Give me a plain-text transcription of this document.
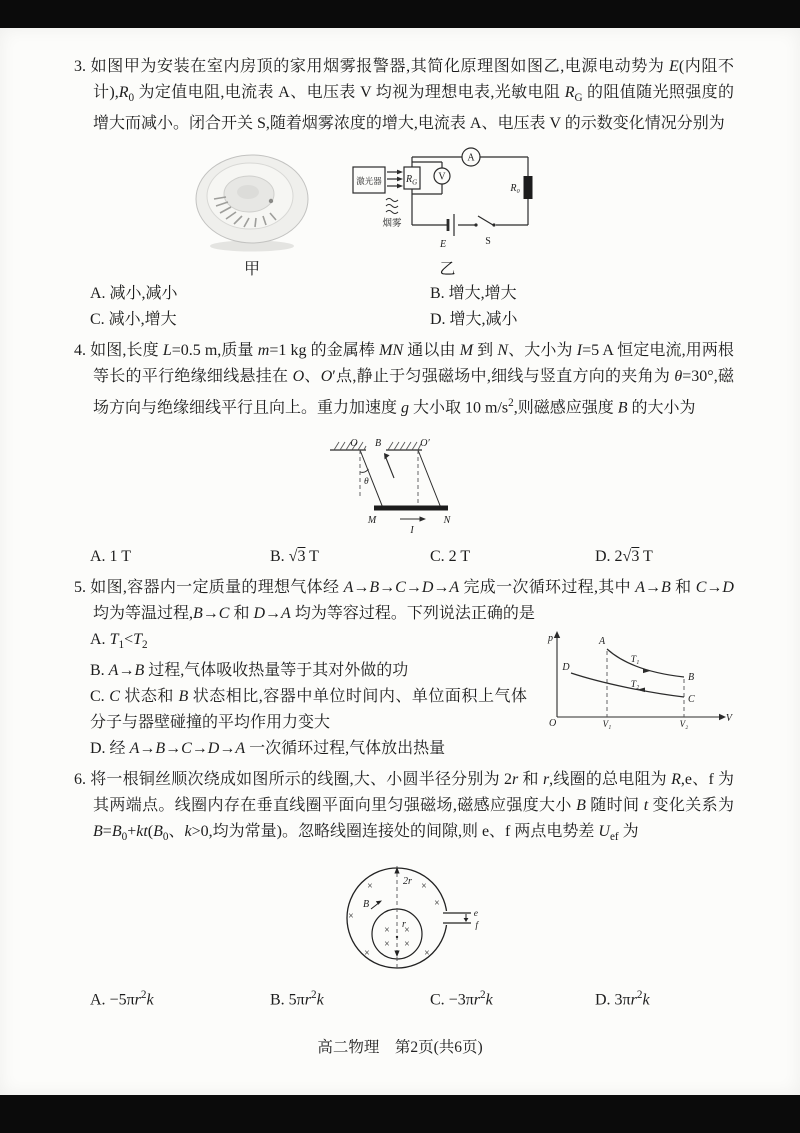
3. 如图甲为安装在室内房顶的家用烟雾报警器,其简化原理图如图乙,电源电动势为 E(内阻不计)$,R_0$ 为定值电阻,电流表 A、电压表 V 均视为理想电表,光敏电阻 $R_G$ 的阻值随光照强度的增大而减小。闭合开关 S,随着烟雾浓度的增大,电流表 A、电压表 V 的示数变化情况分别为

甲
A
V
$R_G$
R₀
E	S
激光器
烟雾
乙
A. 减小,减小	B. 增大,增大
C. 减小,增大	D. 增大,减小

4. 如图,长度 L=0.5 m,质量 m=1 kg 的金属棒 MN 通以由 M 到 N、大小为 I=5 A 恒定电流,用两根等长的平行绝缘细线悬挂在 O、O′点,静止于匀强磁场中,细线与竖直方向的夹角为 θ=30°,磁场方向与绝缘细线平行且向上。重力加速度 g 大小取 10 $m/s^2$,则磁感应强度 B 的大小为

O	O′
B
θ
M	N
I
A. 1 T	B. √3 T	C. 2 T	D. 2√3 T

5. 如图,容器内一定质量的理想气体经 A→B→C→D→A 完成一次循环过程,其中 A→B 和 C→D 均为等温过程,B→C 和 D→A 均为等容过程。下列说法正确的是

p
V
O
A
B
C
D
T₁
T₂
V₁	V₂

A. $T_1<T_2$

B. A→B 过程,气体吸收热量等于其对外做的功

C. C 状态和 B 状态相比,容器中单位时间内、单位面积上气体分子与器壁碰撞的平均作用力变大

D. 经 A→B→C→D→A 一次循环过程,气体放出热量

6. 将一根铜丝顺次绕成如图所示的线圈,大、小圆半径分别为 2r 和 r,线圈的总电阻为 R,e、f 为其两端点。线圈内存在垂直线圈平面向里匀强磁场,磁感应强度大小 B 随时间 t 变化关系为 $B=B_0+kt(B_0$、k>0,均为常量)。忽略线圈连接处的间隙,则 e、f 两点电势差 $U_{ef}$ 为

×	×
×
×
×	×
× ×
× ×
2r
r
B
e
f
A. $-5\pi r^2k$	B. $5\pi r^2k$	C. $-3\pi r^2k$	D. $3\pi r^2k$
高二物理　第2页(共6页)
